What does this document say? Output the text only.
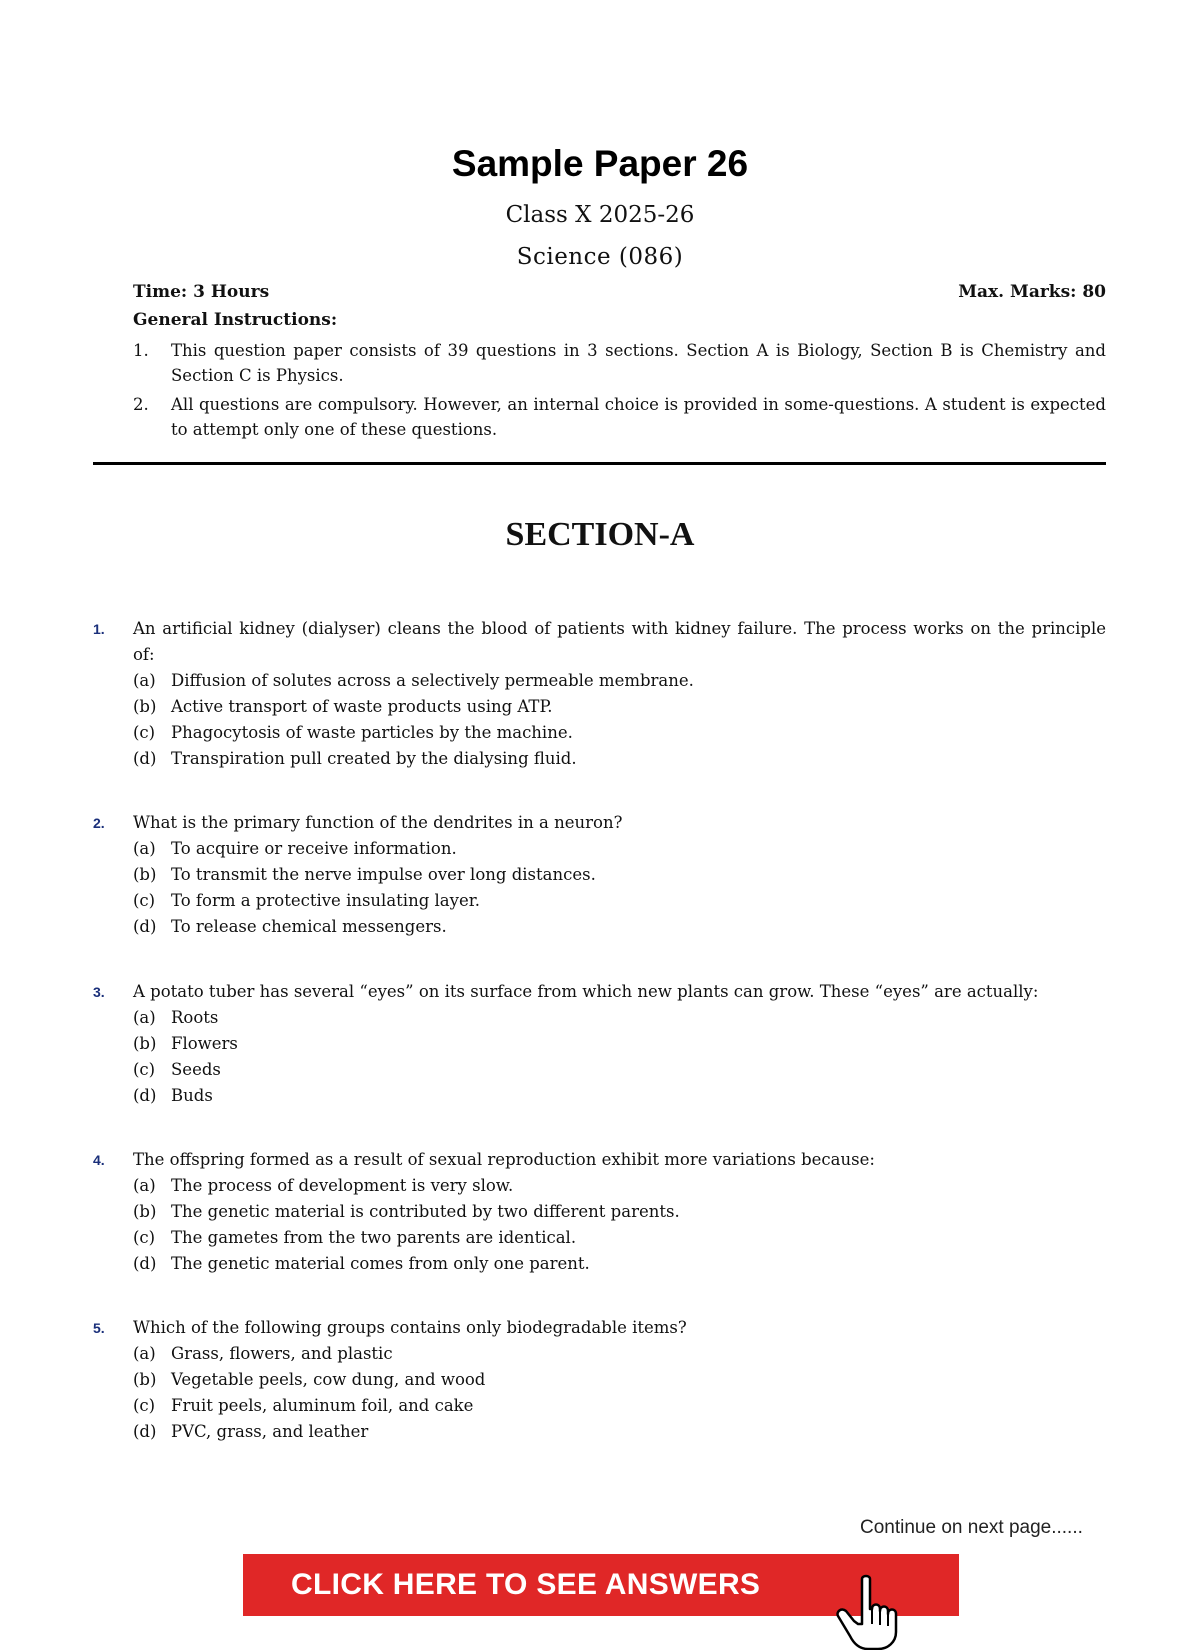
Sample Paper 26
Class X 2025-26
Science (086)
Time: 3 Hours	Max. Marks: 80
General Instructions:
1. This question paper consists of 39 questions in 3 sections. Section A is Biology, Section B is Chemistry and Section C is Physics.
2. All questions are compulsory. However, an internal choice is provided in some-questions. A student is expected to attempt only one of these questions.
SECTION-A
1. An artificial kidney (dialyser) cleans the blood of patients with kidney failure. The process works on the principle of:
(a) Diffusion of solutes across a selectively permeable membrane.
(b) Active transport of waste products using ATP.
(c) Phagocytosis of waste particles by the machine.
(d) Transpiration pull created by the dialysing fluid.
2. What is the primary function of the dendrites in a neuron?
(a) To acquire or receive information.
(b) To transmit the nerve impulse over long distances.
(c) To form a protective insulating layer.
(d) To release chemical messengers.
3. A potato tuber has several “eyes” on its surface from which new plants can grow. These “eyes” are actually:
(a) Roots
(b) Flowers
(c) Seeds
(d) Buds
4. The offspring formed as a result of sexual reproduction exhibit more variations because:
(a) The process of development is very slow.
(b) The genetic material is contributed by two different parents.
(c) The gametes from the two parents are identical.
(d) The genetic material comes from only one parent.
5. Which of the following groups contains only biodegradable items?
(a) Grass, flowers, and plastic
(b) Vegetable peels, cow dung, and wood
(c) Fruit peels, aluminum foil, and cake
(d) PVC, grass, and leather
Continue on next page......
CLICK HERE TO SEE ANSWERS
